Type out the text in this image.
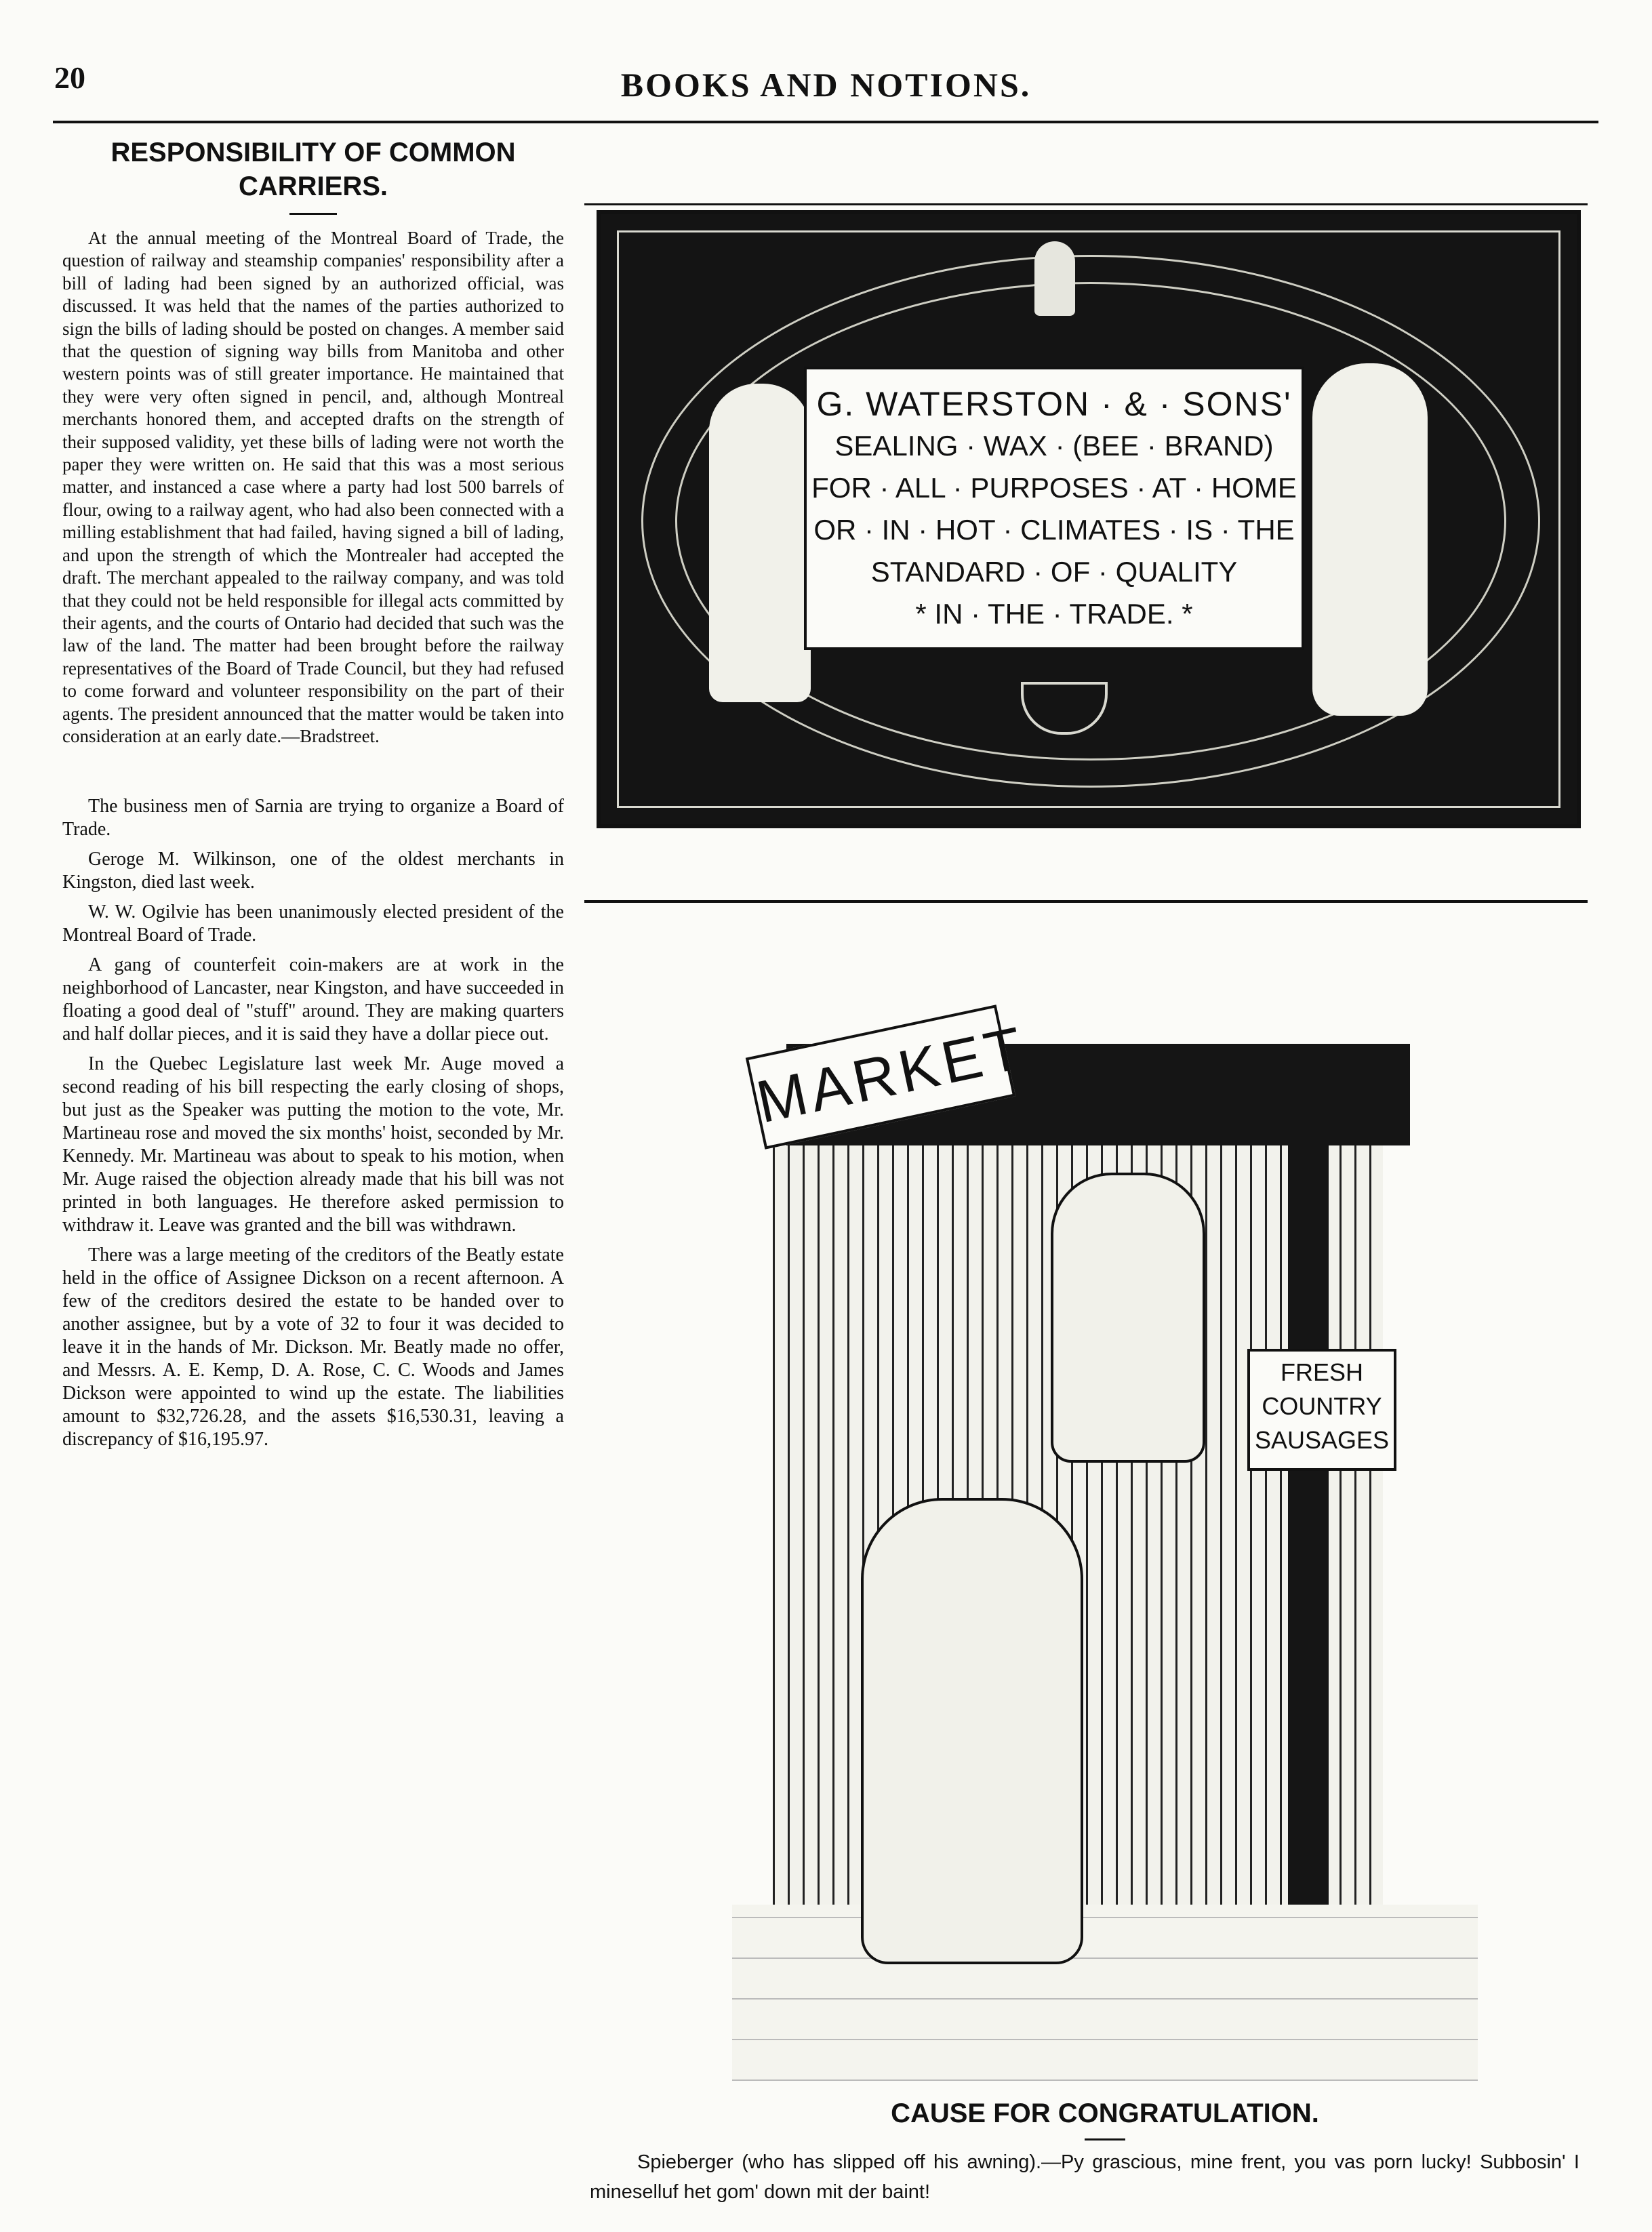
20	BOOKS AND NOTIONS.
RESPONSIBILITY OF COMMON CARRIERS.

At the annual meeting of the Montreal Board of Trade, the question of railway and steamship companies' responsibility after a bill of lading had been signed by an authorized official, was discussed. It was held that the names of the parties authorized to sign the bills of lading should be posted on changes. A member said that the question of signing way bills from Manitoba and other western points was of still greater importance. He maintained that they were very often signed in pencil, and, although Montreal merchants honored them, and accepted drafts on the strength of their supposed validity, yet these bills of lading were not worth the paper they were written on. He said that this was a most serious matter, and instanced a case where a party had lost 500 barrels of flour, owing to a railway agent, who had also been connected with a milling establishment that had failed, having signed a bill of lading, and upon the strength of which the Montrealer had accepted the draft. The merchant appealed to the railway company, and was told that they could not be held responsible for illegal acts committed by their agents, and the courts of Ontario had decided that such was the law of the land. The matter had been brought before the railway representatives of the Board of Trade Council, but they had refused to come forward and volunteer responsibility on the part of their agents. The president announced that the matter would be taken into consideration at an early date.—Bradstreet.

The business men of Sarnia are trying to organize a Board of Trade.

Geroge M. Wilkinson, one of the oldest merchants in Kingston, died last week.

W. W. Ogilvie has been unanimously elected president of the Montreal Board of Trade.

A gang of counterfeit coin-makers are at work in the neighborhood of Lancaster, near Kingston, and have succeeded in floating a good deal of "stuff" around. They are making quarters and half dollar pieces, and it is said they have a dollar piece out.

In the Quebec Legislature last week Mr. Auge moved a second reading of his bill respecting the early closing of shops, but just as the Speaker was putting the motion to the vote, Mr. Martineau rose and moved the six months' hoist, seconded by Mr. Kennedy. Mr. Martineau was about to speak to his motion, when Mr. Auge raised the objection already made that his bill was not printed in both languages. He therefore asked permission to withdraw it. Leave was granted and the bill was withdrawn.

There was a large meeting of the creditors of the Beatly estate held in the office of Assignee Dickson on a recent afternoon. A few of the creditors desired the estate to be handed over to another assignee, but by a vote of 32 to four it was decided to leave it in the hands of Mr. Dickson. Mr. Beatly made no offer, and Messrs. A. E. Kemp, D. A. Rose, C. C. Woods and James Dickson were appointed to wind up the estate. The liabilities amount to $32,726.28, and the assets $16,530.31, leaving a discrepancy of $16,195.97.

G. WATERSTON · & · SONS'
SEALING · WAX · (BEE · BRAND)
FOR · ALL · PURPOSES · AT · HOME
OR · IN · HOT · CLIMATES · IS · THE
STANDARD · OF · QUALITY
* IN · THE · TRADE. *
MARKET
FRESH
COUNTRY
SAUSAGES
CAUSE FOR CONGRATULATION.
Spieberger (who has slipped off his awning).—Py grascious, mine frent, you vas porn lucky! Subbosin' I mineselluf het gom' down mit der baint!
